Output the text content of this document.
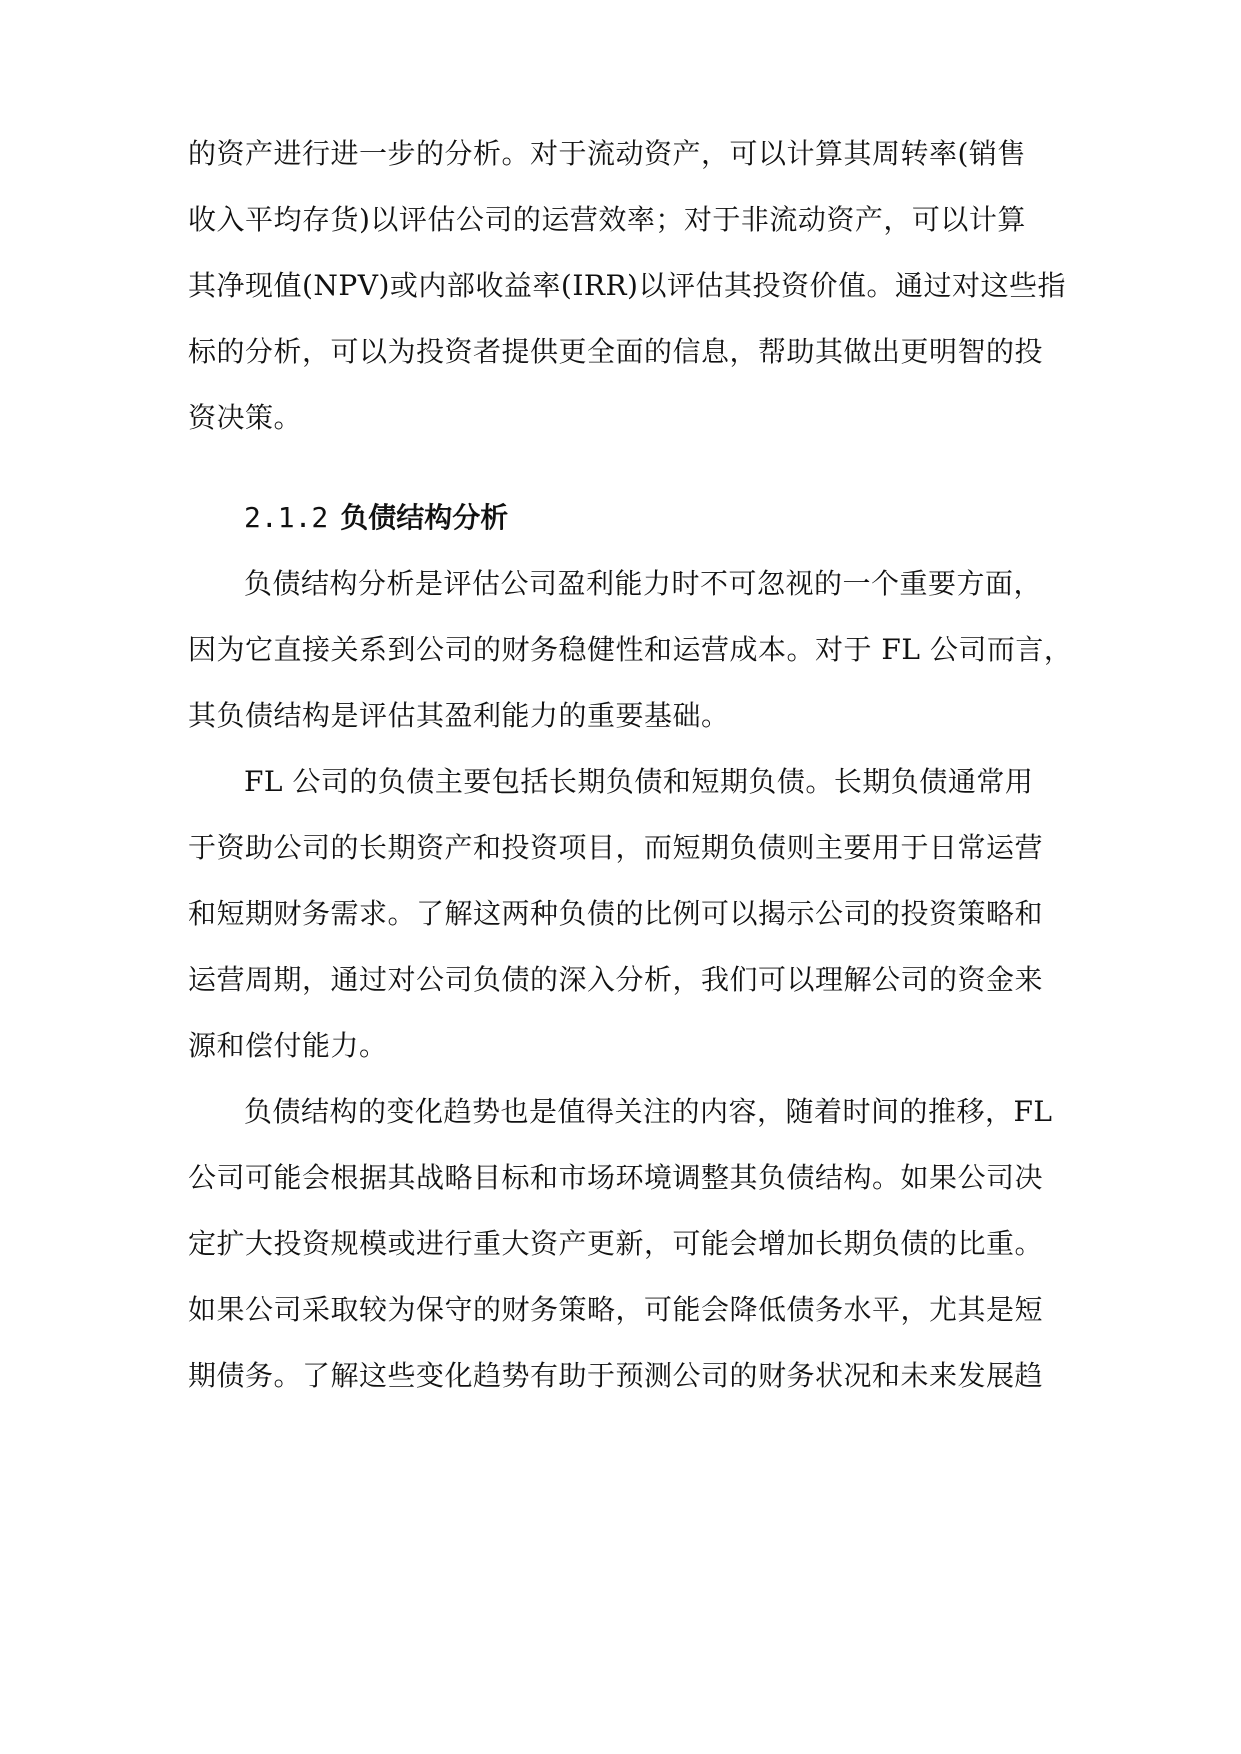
的资产进行进一步的分析。对于流动资产，可以计算其周转率(销售
收入平均存货)以评估公司的运营效率；对于非流动资产，可以计算
其净现值(NPV)或内部收益率(IRR)以评估其投资价值。通过对这些指
标的分析，可以为投资者提供更全面的信息，帮助其做出更明智的投
资决策。
2.1.2 负债结构分析
负债结构分析是评估公司盈利能力时不可忽视的一个重要方面，
因为它直接关系到公司的财务稳健性和运营成本。对于 FL 公司而言，
其负债结构是评估其盈利能力的重要基础。
FL 公司的负债主要包括长期负债和短期负债。长期负债通常用
于资助公司的长期资产和投资项目，而短期负债则主要用于日常运营
和短期财务需求。了解这两种负债的比例可以揭示公司的投资策略和
运营周期，通过对公司负债的深入分析，我们可以理解公司的资金来
源和偿付能力。
负债结构的变化趋势也是值得关注的内容，随着时间的推移，FL
公司可能会根据其战略目标和市场环境调整其负债结构。如果公司决
定扩大投资规模或进行重大资产更新，可能会增加长期负债的比重。
如果公司采取较为保守的财务策略，可能会降低债务水平，尤其是短
期债务。了解这些变化趋势有助于预测公司的财务状况和未来发展趋
